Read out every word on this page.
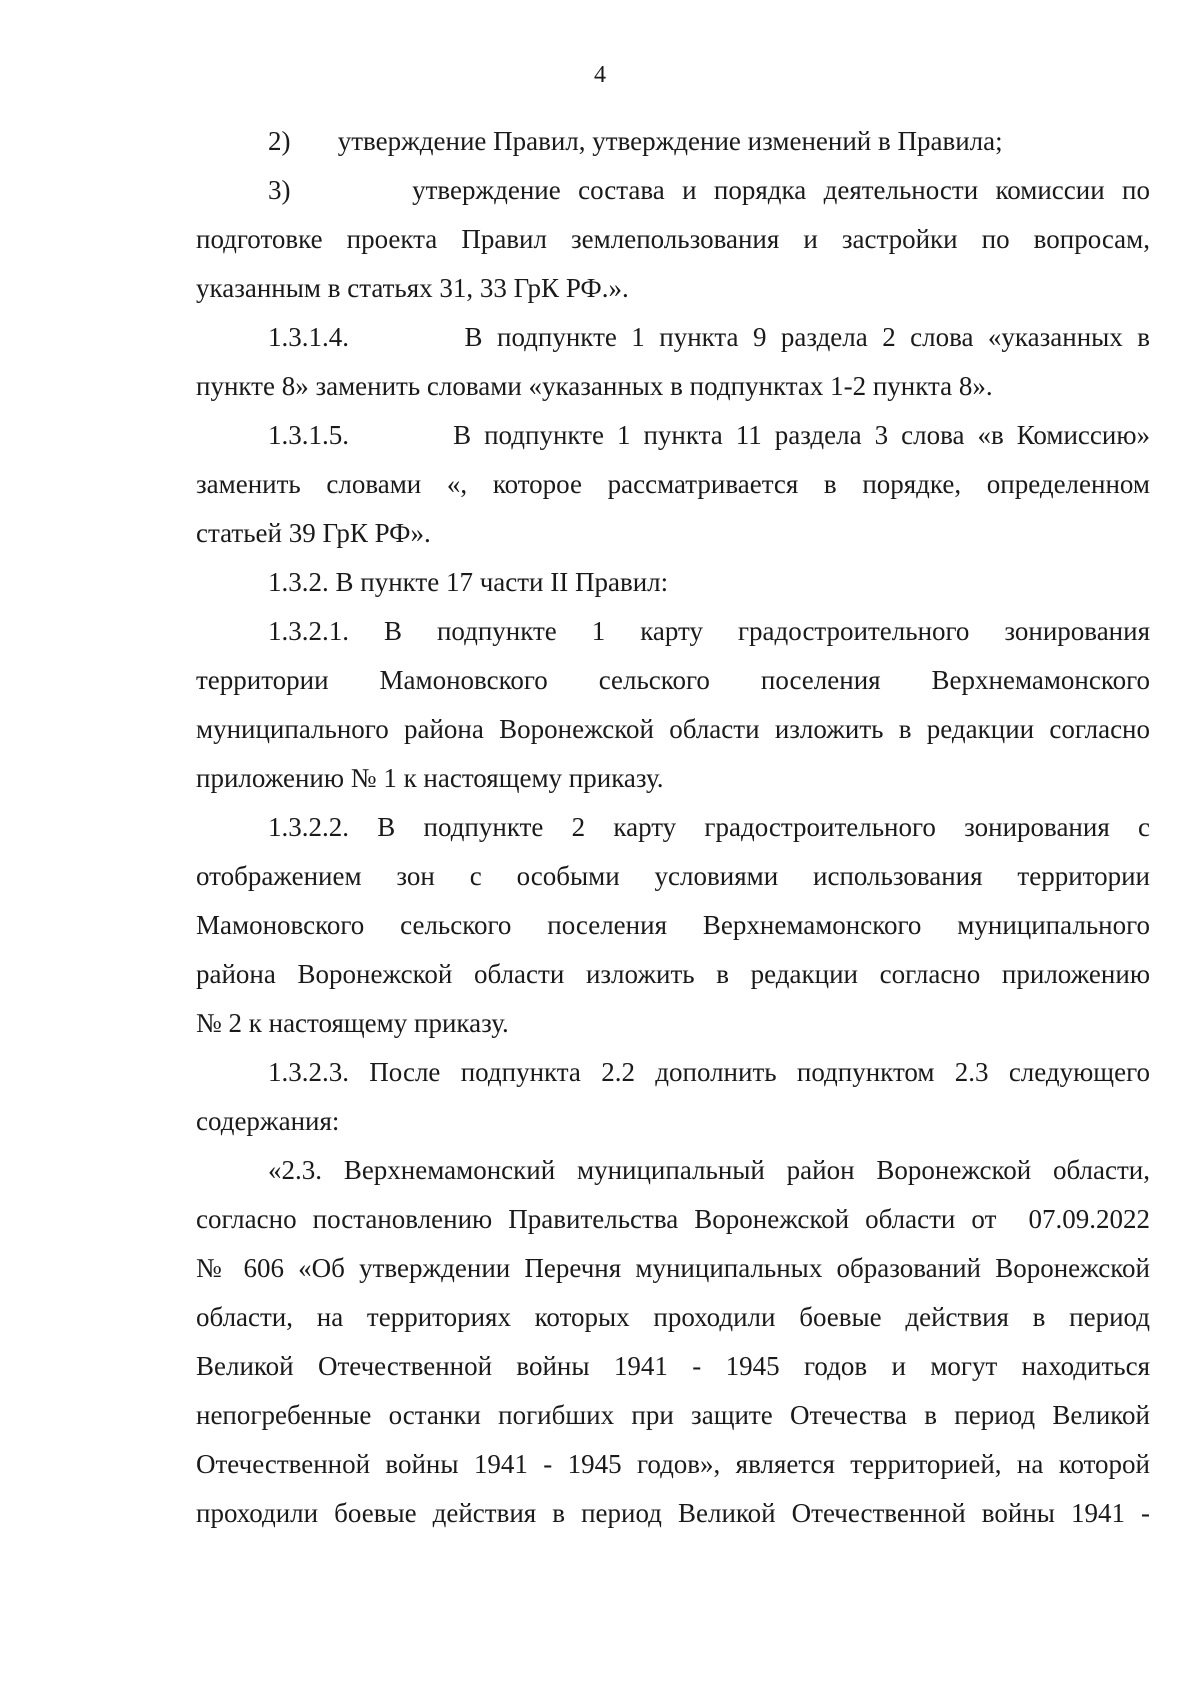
4
2)       утверждение Правил, утверждение изменений в Правила;
3)       утверждение состава и порядка деятельности комиссии по
подготовке проекта Правил землепользования и застройки по вопросам,
указанным в статьях 31, 33 ГрК РФ.».
1.3.1.4.        В подпункте 1 пункта 9 раздела 2 слова «указанных в
пункте 8» заменить словами «указанных в подпунктах 1-2 пункта 8».
1.3.1.5.        В подпункте 1 пункта 11 раздела 3 слова «в Комиссию»
заменить словами «, которое рассматривается в порядке, определенном
статьей 39 ГрК РФ».
1.3.2. В пункте 17 части II Правил:
1.3.2.1. В подпункте 1 карту градостроительного зонирования
территории Мамоновского сельского поселения Верхнемамонского
муниципального района Воронежской области изложить в редакции согласно
приложению № 1 к настоящему приказу.
1.3.2.2. В подпункте 2 карту градостроительного зонирования с
отображением зон с особыми условиями использования территории
Мамоновского сельского поселения Верхнемамонского муниципального
района Воронежской области изложить в редакции согласно приложению
№ 2 к настоящему приказу.
1.3.2.3. После подпункта 2.2 дополнить подпунктом 2.3 следующего
содержания:
«2.3. Верхнемамонский муниципальный район Воронежской области,
согласно постановлению Правительства Воронежской области от  07.09.2022
№ 606 «Об утверждении Перечня муниципальных образований Воронежской
области, на территориях которых проходили боевые действия в период
Великой Отечественной войны 1941 - 1945 годов и могут находиться
непогребенные останки погибших при защите Отечества в период Великой
Отечественной войны 1941 - 1945 годов», является территорией, на которой
проходили боевые действия в период Великой Отечественной войны 1941 -
